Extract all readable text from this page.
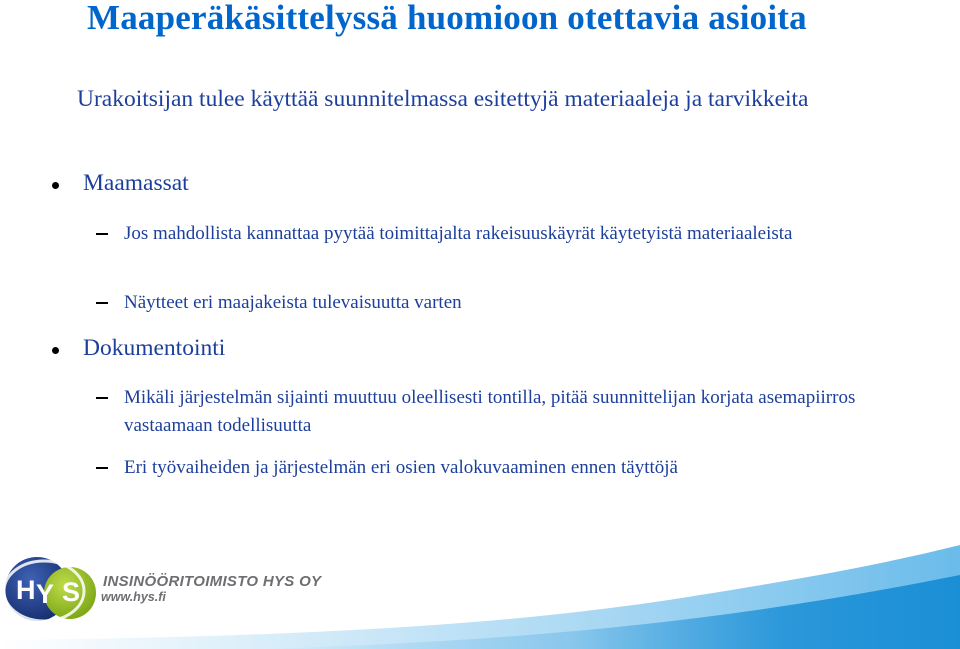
Maaperäkäsittelyssä huomioon otettavia asioita
Urakoitsijan tulee käyttää suunnitelmassa esitettyjä materiaaleja ja tarvikkeita
Maamassat
Jos mahdollista kannattaa pyytää toimittajalta rakeisuuskäyrät käytetyistä materiaaleista
Näytteet eri maajakeista tulevaisuutta varten
Dokumentointi
Mikäli järjestelmän sijainti muuttuu oleellisesti tontilla, pitää suunnittelijan korjata asemapiirros vastaamaan todellisuutta
Eri työvaiheiden ja järjestelmän eri osien valokuvaaminen ennen täyttöjä
H Y S INSINÖÖRITOIMISTO HYS OY
www.hys.fi
